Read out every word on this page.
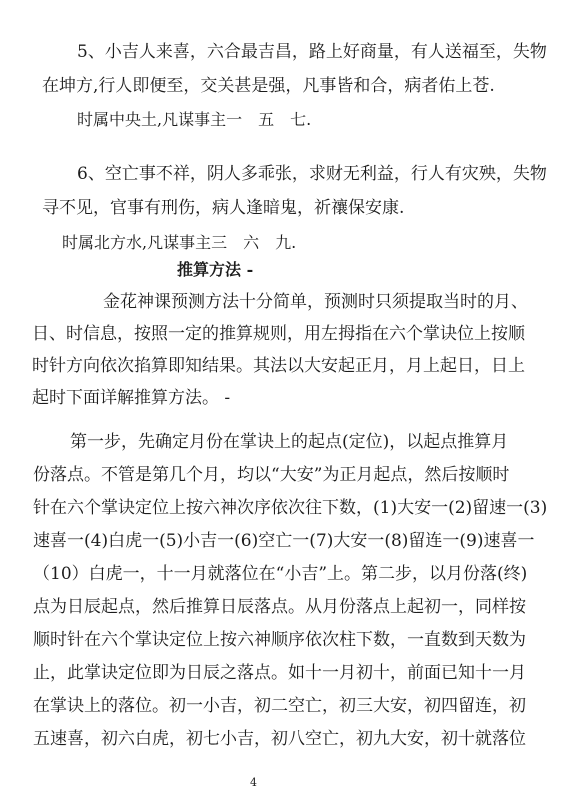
5、小吉人来喜，六合最吉昌，路上好商量，有人送福至，失物
在坤方,行人即便至，交关甚是强，凡事皆和合，病者佑上苍.
时属中央土,凡谋事主一　五　七.
6、空亡事不祥，阴人多乖张，求财无利益，行人有灾殃，失物
寻不见，官事有刑伤，病人逢暗鬼，祈禳保安康.
时属北方水,凡谋事主三　六　九.
推算方法 -
金花神课预测方法十分简单，预测时只须提取当时的月、
日、时信息，按照一定的推算规则，用左拇指在六个掌诀位上按顺
时针方向依次掐算即知结果。其法以大安起正月，月上起日，日上
起时下面详解推算方法。 -
第一步，先确定月份在掌诀上的起点(定位)，以起点推算月
份落点。不管是第几个月，均以“大安”为正月起点，然后按顺时
针在六个掌诀定位上按六神次序依次往下数，(1)大安一(2)留速一(3)
速喜一(4)白虎一(5)小吉一(6)空亡一(7)大安一(8)留连一(9)速喜一
（10）白虎一，十一月就落位在“小吉”上。第二步，以月份落(终)
点为日辰起点，然后推算日辰落点。从月份落点上起初一，同样按
顺时针在六个掌诀定位上按六神顺序依次柱下数，一直数到天数为
止，此掌诀定位即为日辰之落点。如十一月初十，前面已知十一月
在掌诀上的落位。初一小吉，初二空亡，初三大安，初四留连，初
五速喜，初六白虎，初七小吉，初八空亡，初九大安，初十就落位
4
